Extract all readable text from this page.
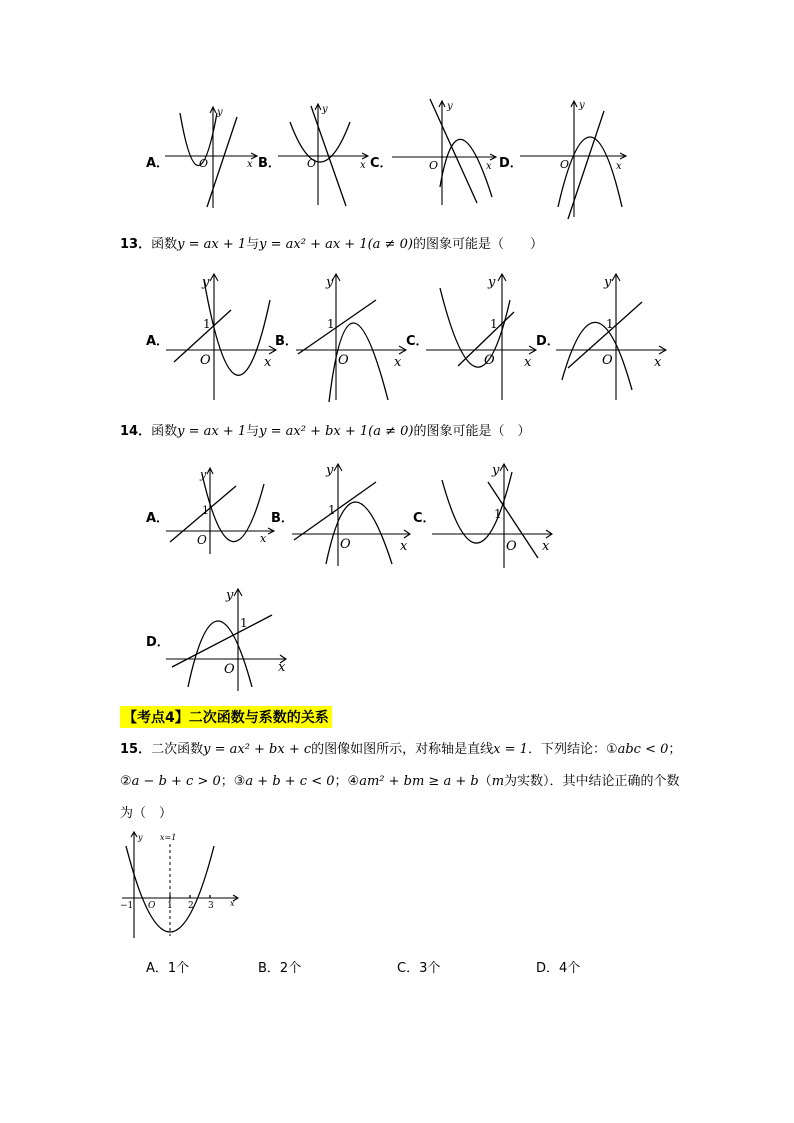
A．
y
x
O	B．
y
x
O	C．
y
x
O	D．
y
x
O
13．函数y = ax + 1与y = ax² + ax + 1(a ≠ 0)的图象可能是（　　）
A．
y
x
O
1
B．
y
x
O
1
C．
y
x
O
1
D．
y
x
O
1
14．函数y = ax + 1与y = ax² + bx + 1(a ≠ 0)的图象可能是（　）
A．
y
x
O
1
B．
y
x
O
1
C．
y
x
O
1
D．
y
x
O
1
【考点4】二次函数与系数的关系
15．二次函数y = ax² + bx + c的图像如图所示，对称轴是直线x = 1．下列结论：①abc < 0；
②a − b + c > 0；③a + b + c < 0；④am² + bm ≥ a + b（m为实数）．其中结论正确的个数
为（　）
y
x
O
x=1
−1	1 2 3
A．1个	B．2个	C．3个	D．4个
